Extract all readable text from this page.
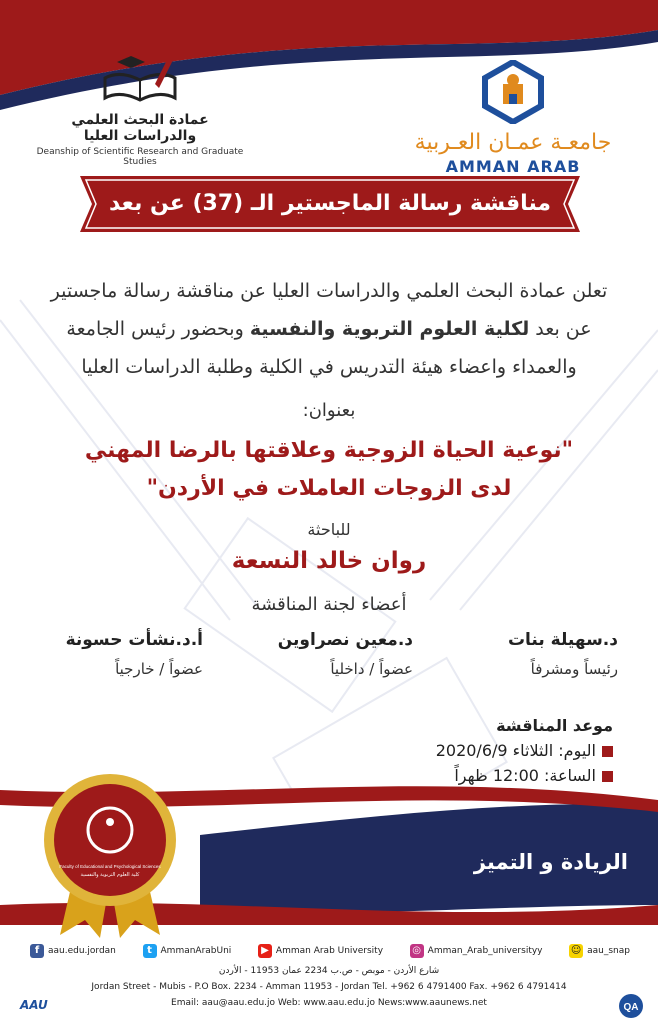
جامعـة عمـان العـربية
AMMAN ARAB
عمادة البحث العلمي والدراسات العليا
Deanship of Scientific Research and Graduate Studies
مناقشة رسالة الماجستير الـ (37) عن بعد
تعلن عمادة البحث العلمي والدراسات العليا عن مناقشة رسالة ماجستير
عن بعد لكلية العلوم التربوية والنفسية وبحضور رئيس الجامعة
والعمداء واعضاء هيئة التدريس في الكلية وطلبة الدراسات العليا
بعنوان:
"نوعية الحياة الزوجية وعلاقتها بالرضا المهني
لدى الزوجات العاملات في الأردن"
للباحثة
روان خالد النسعة
أعضاء لجنة المناقشة
د.سهيلة بنات
رئيساً ومشرفاً
د.معين نصراوين
عضواً / داخلياً
أ.د.نشأت حسونة
عضواً / خارجياً
موعد المناقشة
اليوم: الثلاثاء 2020/6/9
الساعة: 12:00 ظهراً
Faculty of Educational and Psychological Sciences
كلية العلوم التربوية والنفسية
الريادة و التميز
f aau.edu.jordan	t AmmanArabUni	▶ Amman Arab University	◎ Amman_Arab_universityy	☺ aau_snap
شارع الأردن - موبص - ص.ب 2234 عمان 11953 - الأردن
Jordan Street - Mubis - P.O Box. 2234 - Amman 11953 - Jordan Tel. +962 6 4791400 Fax. +962 6 4791414
Email: aau@aau.edu.jo Web: www.aau.edu.jo News:www.aaunews.net
AAU	QA
